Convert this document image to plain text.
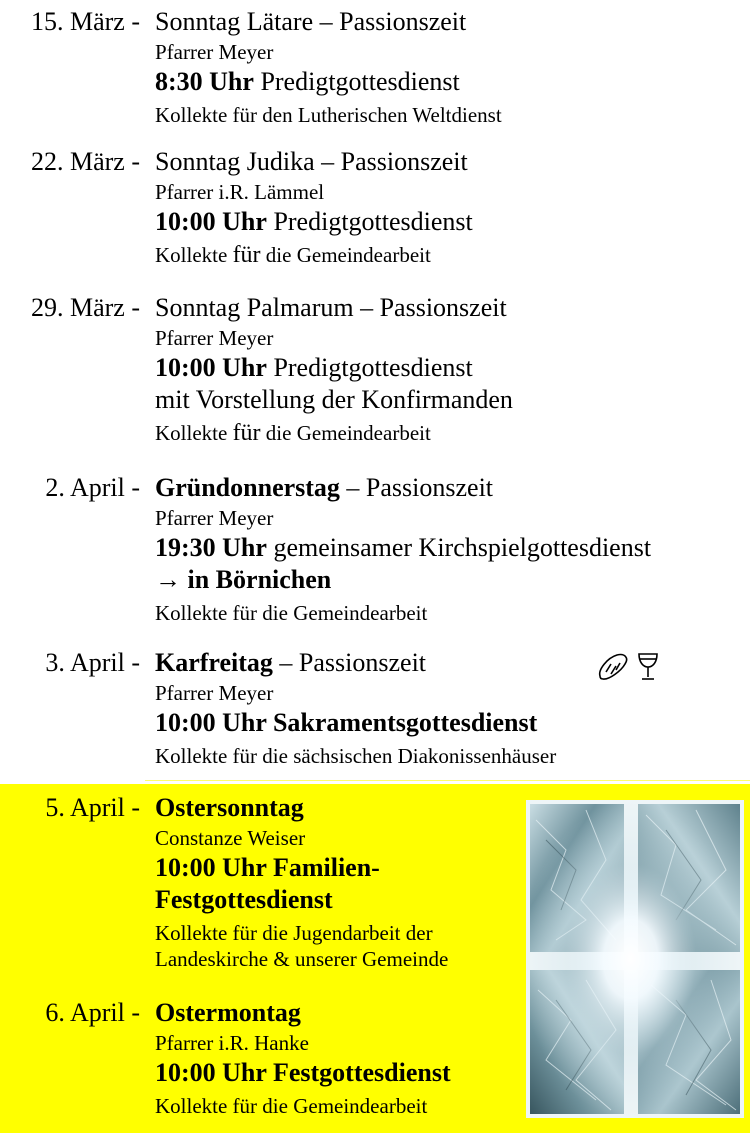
15. März - Sonntag Lätare – Passionszeit
Pfarrer Meyer
8:30 Uhr Predigtgottesdienst
Kollekte für den Lutherischen Weltdienst
22. März - Sonntag Judika – Passionszeit
Pfarrer i.R. Lämmel
10:00 Uhr Predigtgottesdienst
Kollekte für die Gemeindearbeit
29. März - Sonntag Palmarum – Passionszeit
Pfarrer Meyer
10:00 Uhr Predigtgottesdienst
mit Vorstellung der Konfirmanden
Kollekte für die Gemeindearbeit
2. April - Gründonnerstag – Passionszeit
Pfarrer Meyer
19:30 Uhr gemeinsamer Kirchspielgottesdienst
→ in Börnichen
Kollekte für die Gemeindearbeit
3. April - Karfreitag – Passionszeit
Pfarrer Meyer
10:00 Uhr Sakramentsgottesdienst
Kollekte für die sächsischen Diakonissenhäuser
5. April - Ostersonntag
Constanze Weiser
10:00 Uhr Familien-
Festgottesdienst
Kollekte für die Jugendarbeit der
Landeskirche & unserer Gemeinde
6. April - Ostermontag
Pfarrer i.R. Hanke
10:00 Uhr Festgottesdienst
Kollekte für die Gemeindearbeit
